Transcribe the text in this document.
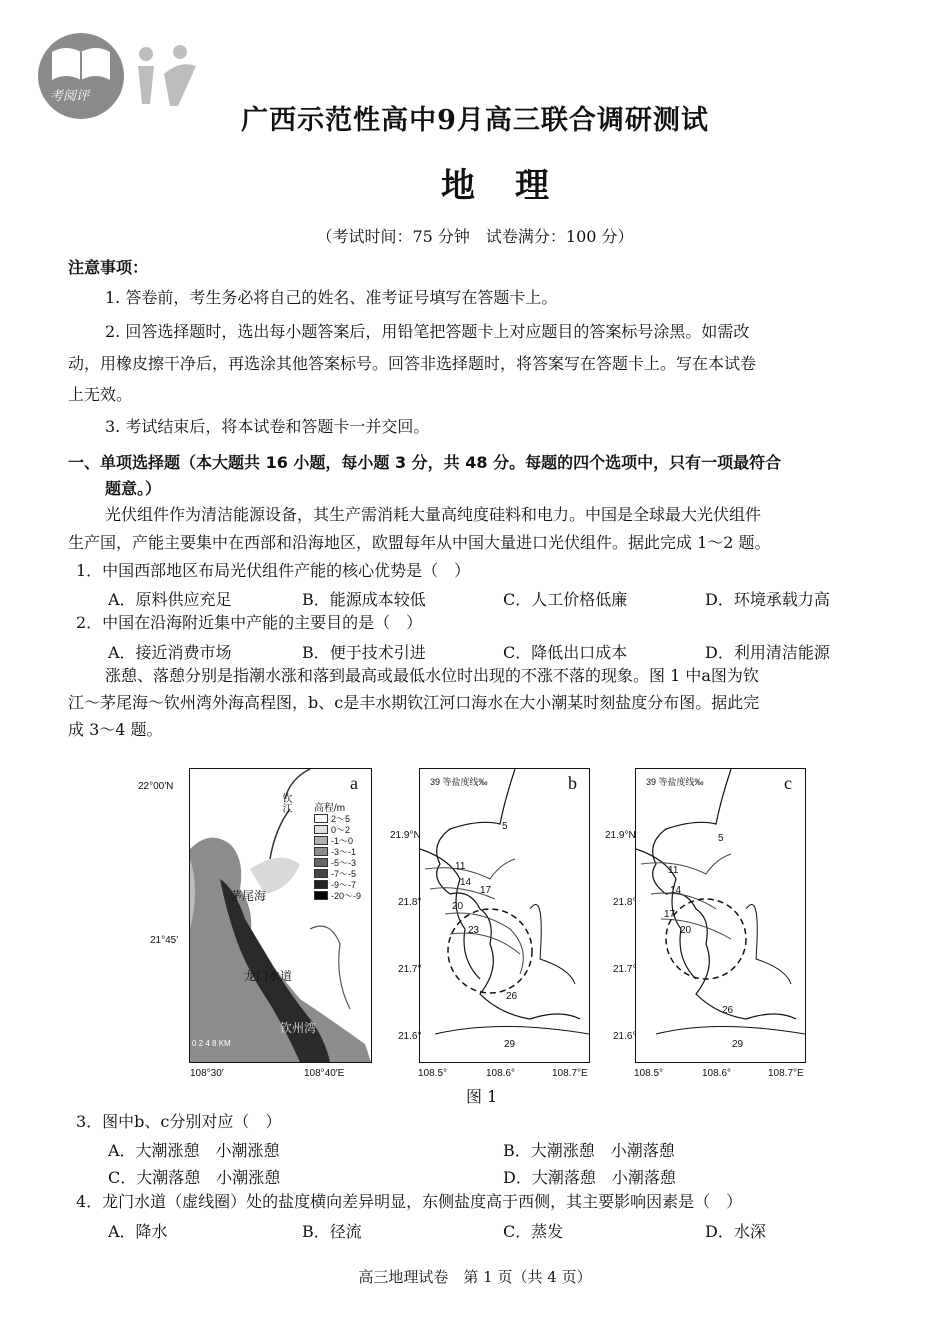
考阅评
广西示范性高中9月高三联合调研测试
地理
（考试时间：75 分钟　试卷满分：100 分）
注意事项：
1. 答卷前，考生务必将自己的姓名、准考证号填写在答题卡上。
2. 回答选择题时，选出每小题答案后，用铅笔把答题卡上对应题目的答案标号涂黑。如需改
动，用橡皮擦干净后，再选涂其他答案标号。回答非选择题时，将答案写在答题卡上。写在本试卷
上无效。
3. 考试结束后，将本试卷和答题卡一并交回。
一、单项选择题（本大题共 16 小题，每小题 3 分，共 48 分。每题的四个选项中，只有一项最符合
题意。）
光伏组件作为清洁能源设备，其生产需消耗大量高纯度硅料和电力。中国是全球最大光伏组件
生产国，产能主要集中在西部和沿海地区，欧盟每年从中国大量进口光伏组件。据此完成 1～2 题。
1．中国西部地区布局光伏组件产能的核心优势是（　）
A．原料供应充足	B．能源成本较低	C．人工价格低廉	D．环境承载力高
2．中国在沿海附近集中产能的主要目的是（　）
A．接近消费市场	B．便于技术引进	C．降低出口成本	D．利用清洁能源
涨憩、落憩分别是指潮水涨和落到最高或最低水位时出现的不涨不落的现象。图 1 中a图为钦
江～茅尾海～钦州湾外海高程图，b、c是丰水期钦江河口海水在大小潮某时刻盐度分布图。据此完
成 3～4 题。
a
钦江 高程/m
2～5
0～2
-1～0
-3～-1
-5～-3
-7～-5
-9～-7
-20～-9
茅尾海
龙门水道
钦州湾
0 2 4 8 KM
22°00′N
21°45′
108°30′	108°40′E
b
39 等盐度线‰
5
11
14
17
20
23
26
29
21.9°N
21.8°
21.7°
21.6°
108.5°	108.6°	108.7°E
c
39 等盐度线‰
5
11
14
17
20
26
29
21.9°N
21.8°
21.7°
21.6°
108.5°	108.6°	108.7°E
图 1
3．图中b、c分别对应（　）
A．大潮涨憩　小潮涨憩	B．大潮涨憩　小潮落憩
C．大潮落憩　小潮涨憩	D．大潮落憩　小潮落憩
4．龙门水道（虚线圈）处的盐度横向差异明显，东侧盐度高于西侧，其主要影响因素是（　）
A．降水	B．径流	C．蒸发	D．水深
高三地理试卷　第 1 页（共 4 页）
